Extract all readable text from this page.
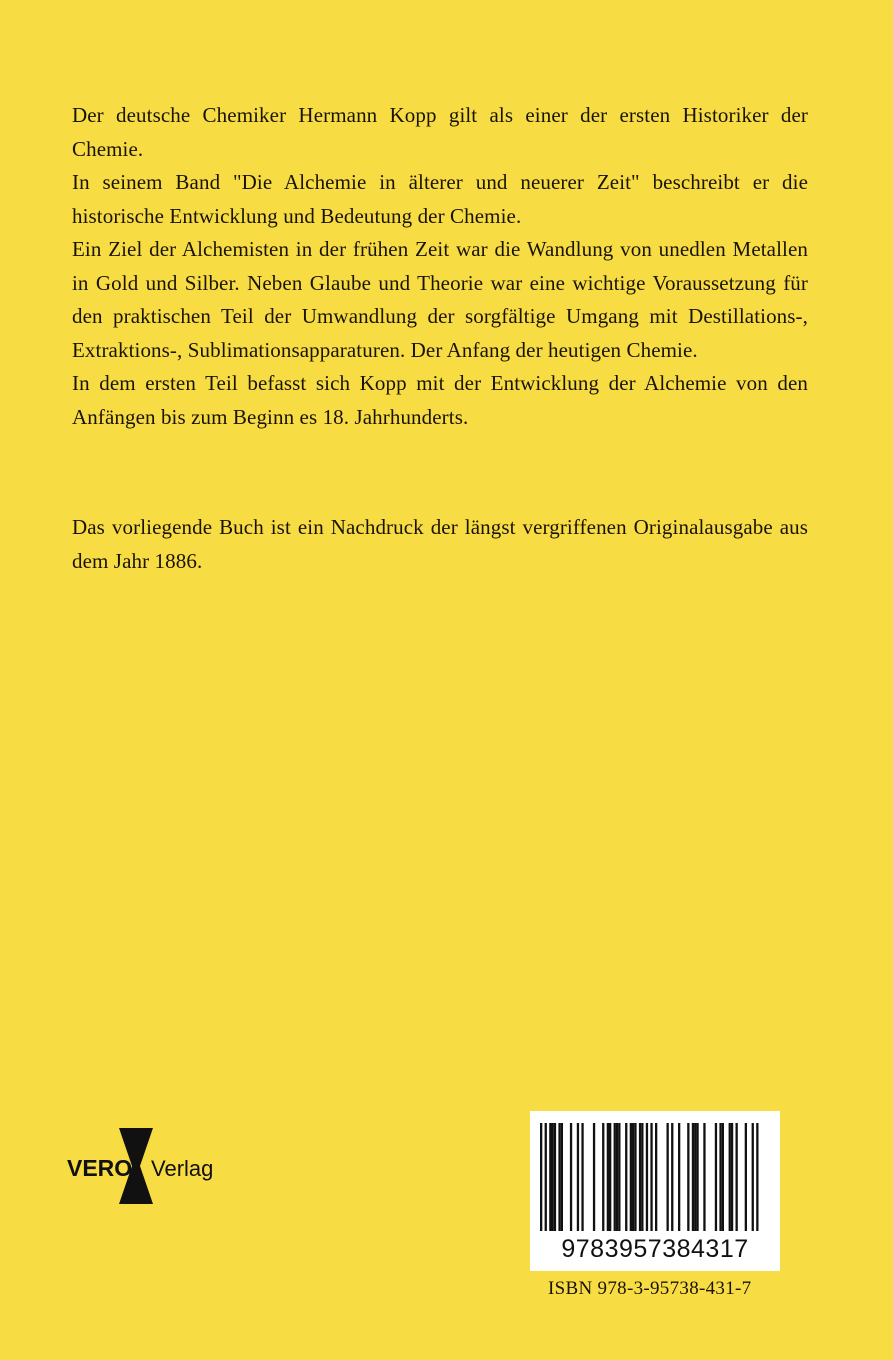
Der deutsche Chemiker Hermann Kopp gilt als einer der ersten Historiker der Chemie.

In seinem Band "Die Alchemie in älterer und neuerer Zeit" beschreibt er die historische Entwicklung und Bedeutung der Chemie.

Ein Ziel der Alchemisten in der frühen Zeit war die Wandlung von unedlen Metallen in Gold und Silber. Neben Glaube und Theorie war eine wichtige Voraussetzung für den praktischen Teil der Umwandlung der sorgfältige Umgang mit Destillations-, Extraktions-, Sublimationsapparaturen. Der Anfang der heutigen Chemie.

In dem ersten Teil befasst sich Kopp mit der Entwicklung der Alchemie von den Anfängen bis zum Beginn es 18. Jahrhunderts.

Das vorliegende Buch ist ein Nachdruck der längst vergriffenen Originalausgabe aus dem Jahr 1886.

VERO Verlag
9783957384317
ISBN 978-3-95738-431-7
